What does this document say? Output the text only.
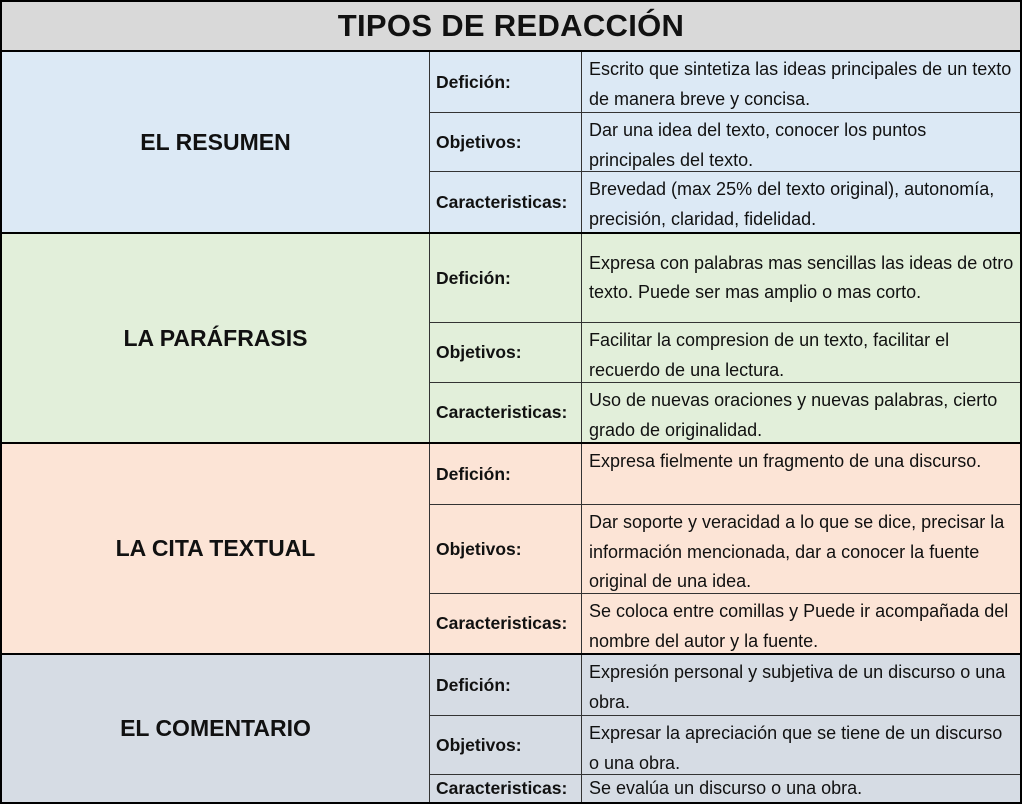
TIPOS DE REDACCIÓN
EL RESUMEN
Defición:
Escrito que sintetiza las ideas principales de un texto de manera breve y concisa.
Objetivos:
Dar una idea del texto, conocer los puntos principales del texto.
Caracteristicas:
Brevedad (max 25% del texto original), autonomía, precisión, claridad, fidelidad.
LA PARÁFRASIS
Defición:
Expresa con palabras mas sencillas las ideas de otro texto. Puede ser mas amplio o mas corto.
Objetivos:
Facilitar la compresion de un texto, facilitar el recuerdo de una lectura.
Caracteristicas:
Uso de nuevas oraciones y nuevas palabras, cierto grado de originalidad.
LA CITA TEXTUAL
Defición:
Expresa fielmente un fragmento de una discurso.
Objetivos:
Dar soporte y veracidad a lo que se dice, precisar la información mencionada, dar a conocer la fuente original de una idea.
Caracteristicas:
Se coloca entre comillas y Puede ir acompañada del nombre del autor y la fuente.
EL COMENTARIO
Defición:
Expresión personal y subjetiva de un discurso o una obra.
Objetivos:
Expresar la apreciación que se tiene de un discurso o una obra.
Caracteristicas:	Se evalúa un discurso o una obra.
